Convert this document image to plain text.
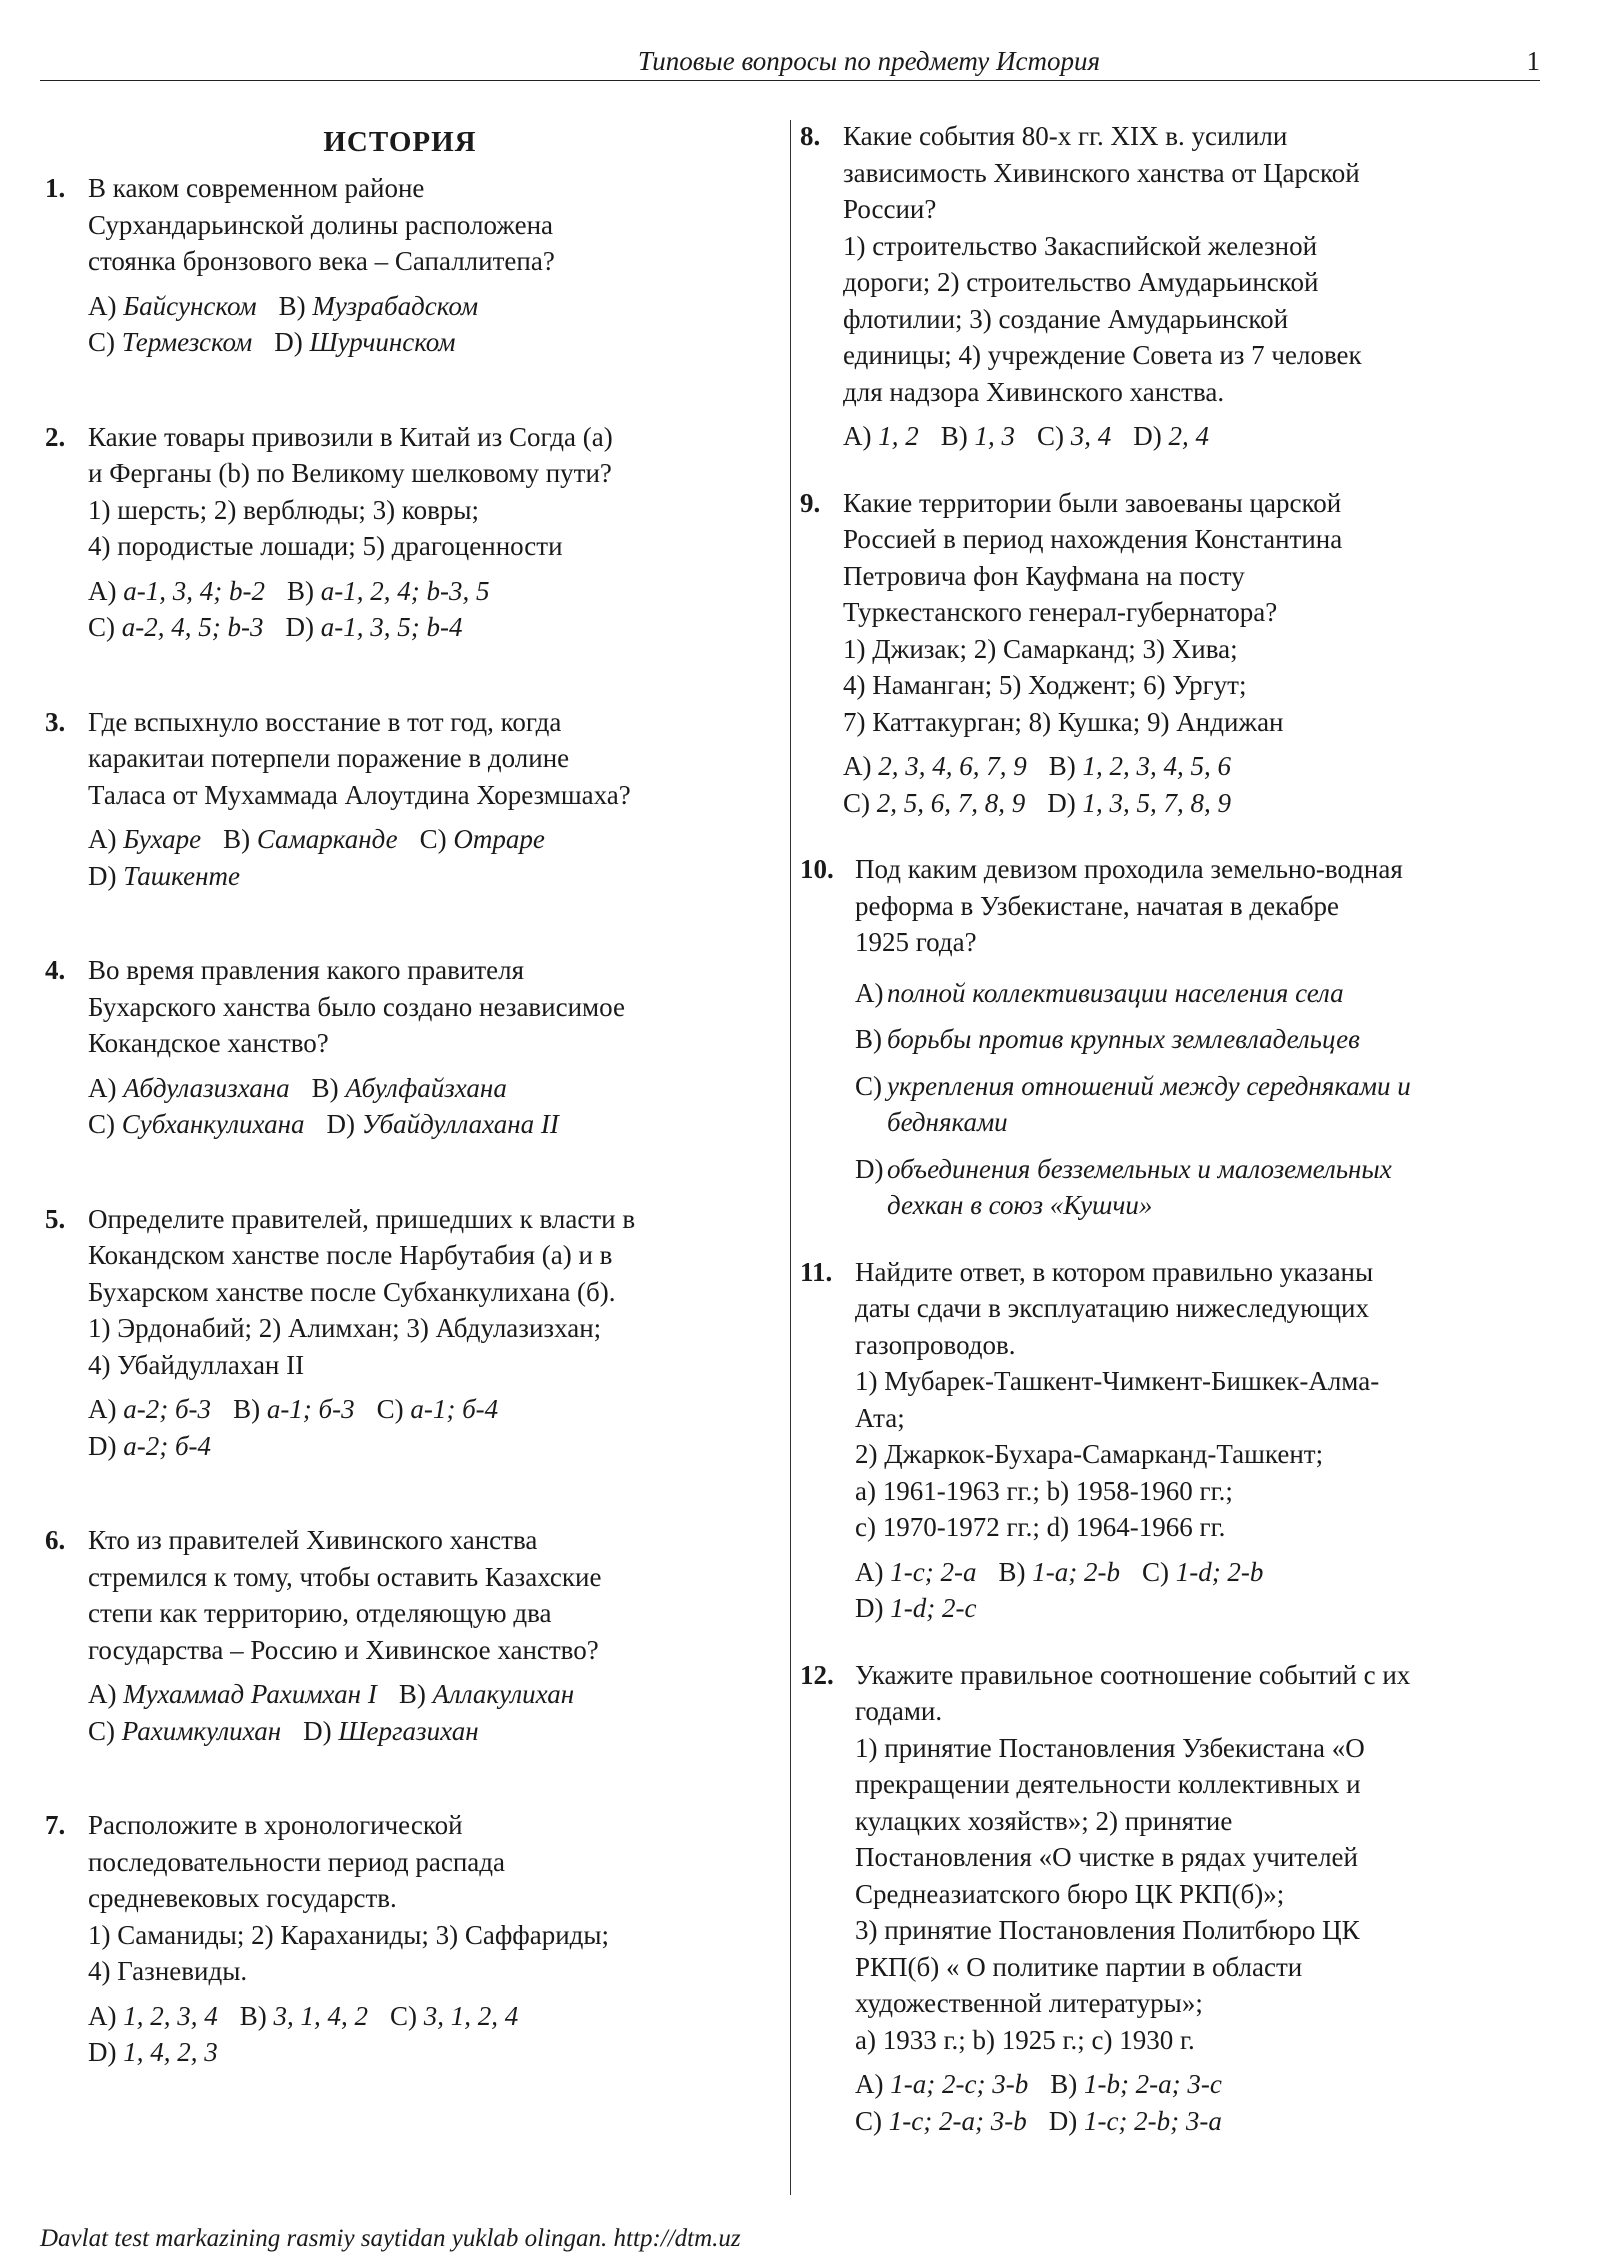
Типовые вопросы по предмету История	1
ИСТОРИЯ
1. В каком современном районе
Сурхандарьинской долины расположена
стоянка бронзового века – Сапаллитепа?
A) Байсунском B) Музрабадском
C) Термезском D) Шурчинском
2. Какие товары привозили в Китай из Согда (a)
и Ферганы (b) по Великому шелковому пути?
1) шерсть; 2) верблюды; 3) ковры;
4) породистые лошади; 5) драгоценности
A) a-1, 3, 4; b-2 B) a-1, 2, 4; b-3, 5
C) a-2, 4, 5; b-3 D) a-1, 3, 5; b-4
3. Где вспыхнуло восстание в тот год, когда
каракитаи потерпели поражение в долине
Таласа от Мухаммада Алоутдина Хорезмшаха?
A) Бухаре B) Самарканде C) Отраре
D) Ташкенте
4. Во время правления какого правителя
Бухарского ханства было создано независимое
Кокандское ханство?
A) Абдулазизхана B) Абулфайзхана
C) Субханкулихана D) Убайдуллахана II
5. Определите правителей, пришедших к власти в
Кокандском ханстве после Нарбутабия (a) и в
Бухарском ханстве после Субханкулихана (б).
1) Эрдонабий; 2) Алимхан; 3) Абдулазизхан;
4) Убайдуллахан II
A) a-2; б-3 B) a-1; б-3 C) a-1; б-4
D) a-2; б-4
6. Кто из правителей Хивинского ханства
стремился к тому, чтобы оставить Казахские
степи как территорию, отделяющую два
государства – Россию и Хивинское ханство?
A) Мухаммад Рахимхан I B) Аллакулихан
C) Рахимкулихан D) Шергазихан
7. Расположите в хронологической
последовательности период распада
средневековых государств.
1) Саманиды; 2) Караханиды; 3) Саффариды;
4) Газневиды.
A) 1, 2, 3, 4 B) 3, 1, 4, 2 C) 3, 1, 2, 4
D) 1, 4, 2, 3
8. Какие события 80-х гг. XIX в. усилили
зависимость Хивинского ханства от Царской
России?
1) строительство Закаспийской железной
дороги; 2) строительство Амударьинской
флотилии; 3) создание Амударьинской
единицы; 4) учреждение Совета из 7 человек
для надзора Хивинского ханства.
A) 1, 2 B) 1, 3 C) 3, 4 D) 2, 4
9. Какие территории были завоеваны царской
Россией в период нахождения Константина
Петровича фон Кауфмана на посту
Туркестанского генерал-губернатора?
1) Джизак; 2) Самарканд; 3) Хива;
4) Наманган; 5) Ходжент; 6) Ургут;
7) Каттакурган; 8) Кушка; 9) Андижан
A) 2, 3, 4, 6, 7, 9 B) 1, 2, 3, 4, 5, 6
C) 2, 5, 6, 7, 8, 9 D) 1, 3, 5, 7, 8, 9
10. Под каким девизом проходила земельно-водная
реформа в Узбекистане, начатая в декабре
1925 года?
A) полной коллективизации населения села
B) борьбы против крупных землевладельцев
C) укрепления отношений между середняками и
бедняками
D) объединения безземельных и малоземельных
дехкан в союз «Кушчи»
11. Найдите ответ, в котором правильно указаны
даты сдачи в эксплуатацию нижеследующих
газопроводов.
1) Мубарек-Ташкент-Чимкент-Бишкек-Алма-
Ата;
2) Джаркок-Бухара-Самарканд-Ташкент;
a) 1961-1963 гг.; b) 1958-1960 гг.;
c) 1970-1972 гг.; d) 1964-1966 гг.
A) 1-c; 2-a B) 1-a; 2-b C) 1-d; 2-b
D) 1-d; 2-c
12. Укажите правильное соотношение событий с их
годами.
1) принятие Постановления Узбекистана «О
прекращении деятельности коллективных и
кулацких хозяйств»; 2) принятие
Постановления «О чистке в рядах учителей
Среднеазиатского бюро ЦК РКП(б)»;
3) принятие Постановления Политбюро ЦК
РКП(б) « О политике партии в области
художественной литературы»;
a) 1933 г.; b) 1925 г.; c) 1930 г.
A) 1-a; 2-c; 3-b B) 1-b; 2-a; 3-c
C) 1-c; 2-a; 3-b D) 1-c; 2-b; 3-a
Davlat test markazining rasmiy saytidan yuklab olingan. http://dtm.uz
